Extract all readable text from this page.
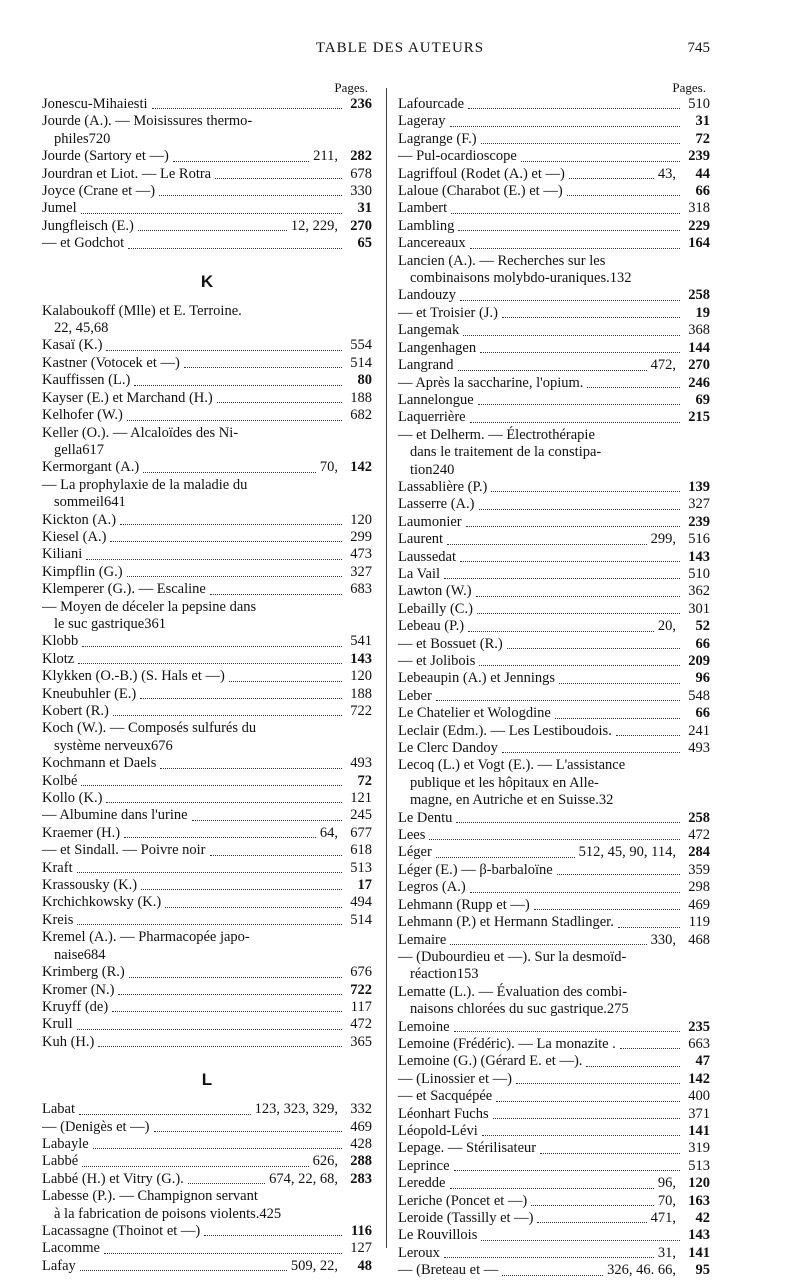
TABLE DES AUTEURS	745
Pages.
Jonescu-Mihaiesti	236
Jourde (A.). — Moisissures thermo-
philes 720
Jourde (Sartory et —)	211, 282
Jourdran et Liot. — Le Rotra	678
Joyce (Crane et —)	330
Jumel	31
Jungfleisch (E.)	12, 229, 270
— et Godchot	65
K
Kalaboukoff (Mlle) et E. Terroine.
22, 45, 68
Kasaï (K.)	554
Kastner (Votocek et —)	514
Kauffissen (L.)	80
Kayser (E.) et Marchand (H.)	188
Kelhofer (W.)	682
Keller (O.). — Alcaloïdes des Ni-
gella 617
Kermorgant (A.)	70, 142
— La prophylaxie de la maladie du
sommeil 641
Kickton (A.)	120
Kiesel (A.)	299
Kiliani	473
Kimpflin (G.)	327
Klemperer (G.). — Escaline	683
— Moyen de déceler la pepsine dans
le suc gastrique 361
Klobb	541
Klotz	143
Klykken (O.-B.) (S. Hals et —)	120
Kneubuhler (E.)	188
Kobert (R.)	722
Koch (W.). — Composés sulfurés du
système nerveux 676
Kochmann et Daels	493
Kolbé	72
Kollo (K.)	121
— Albumine dans l'urine	245
Kraemer (H.)	64, 677
— et Sindall. — Poivre noir	618
Kraft	513
Krassousky (K.)	17
Krchichkowsky (K.)	494
Kreis	514
Kremel (A.). — Pharmacopée japo-
naise 684
Krimberg (R.)	676
Kromer (N.)	722
Kruyff (de)	117
Krull	472
Kuh (H.)	365
L
Labat	123, 323, 329, 332
— (Denigès et —)	469
Labayle	428
Labbé	626, 288
Labbé (H.) et Vitry (G.).	674, 22, 68, 283
Labesse (P.). — Champignon servant
à la fabrication de poisons violents. 425
Lacassagne (Thoinot et —)	116
Lacomme	127
Lafay	509, 22,	48
Pages.
Lafourcade	510
Lageray	31
Lagrange (F.)	72
— Pul-ocardioscope	239
Lagriffoul (Rodet (A.) et —)	43,	44
Laloue (Charabot (E.) et —)	66
Lambert	318
Lambling	229
Lancereaux	164
Lancien (A.). — Recherches sur les
combinaisons molybdo-uraniques. 132
Landouzy	258
— et Troisier (J.)	19
Langemak	368
Langenhagen	144
Langrand	472, 270
— Après la saccharine, l'opium.	246
Lannelongue	69
Laquerrière	215
— et Delherm. — Électrothérapie
dans le traitement de la constipa-
tion 240
Lassablière (P.)	139
Lasserre (A.)	327
Laumonier	239
Laurent	299, 516
Laussedat	143
La Vail	510
Lawton (W.)	362
Lebailly (C.)	301
Lebeau (P.)	20,	52
— et Bossuet (R.)	66
— et Jolibois	209
Lebeaupin (A.) et Jennings	96
Leber	548
Le Chatelier et Wologdine	66
Leclair (Edm.). — Les Lestiboudois.	241
Le Clerc Dandoy	493
Lecoq (L.) et Vogt (E.). — L'assistance
publique et les hôpitaux en Alle-
magne, en Autriche et en Suisse. 32
Le Dentu	258
Lees	472
Léger	512, 45, 90, 114, 284
Léger (E.) — β-barbaloïne	359
Legros (A.)	298
Lehmann (Rupp et —)	469
Lehmann (P.) et Hermann Stadlinger.	119
Lemaire	330, 468
— (Dubourdieu et —). Sur la desmoïd-
réaction 153
Lematte (L.). — Évaluation des combi-
naisons chlorées du suc gastrique. 275
Lemoine	235
Lemoine (Frédéric). — La monazite .	663
Lemoine (G.) (Gérard E. et —).	47
— (Linossier et —)	142
— et Sacquépée	400
Léonhart Fuchs	371
Léopold-Lévi	141
Lepage. — Stérilisateur	319
Leprince	513
Leredde	96, 120
Leriche (Poncet et —)	70, 163
Leroide (Tassilly et —)	471,	42
Le Rouvillois	143
Leroux	31, 141
— (Breteau et —	326, 46. 66,	95
